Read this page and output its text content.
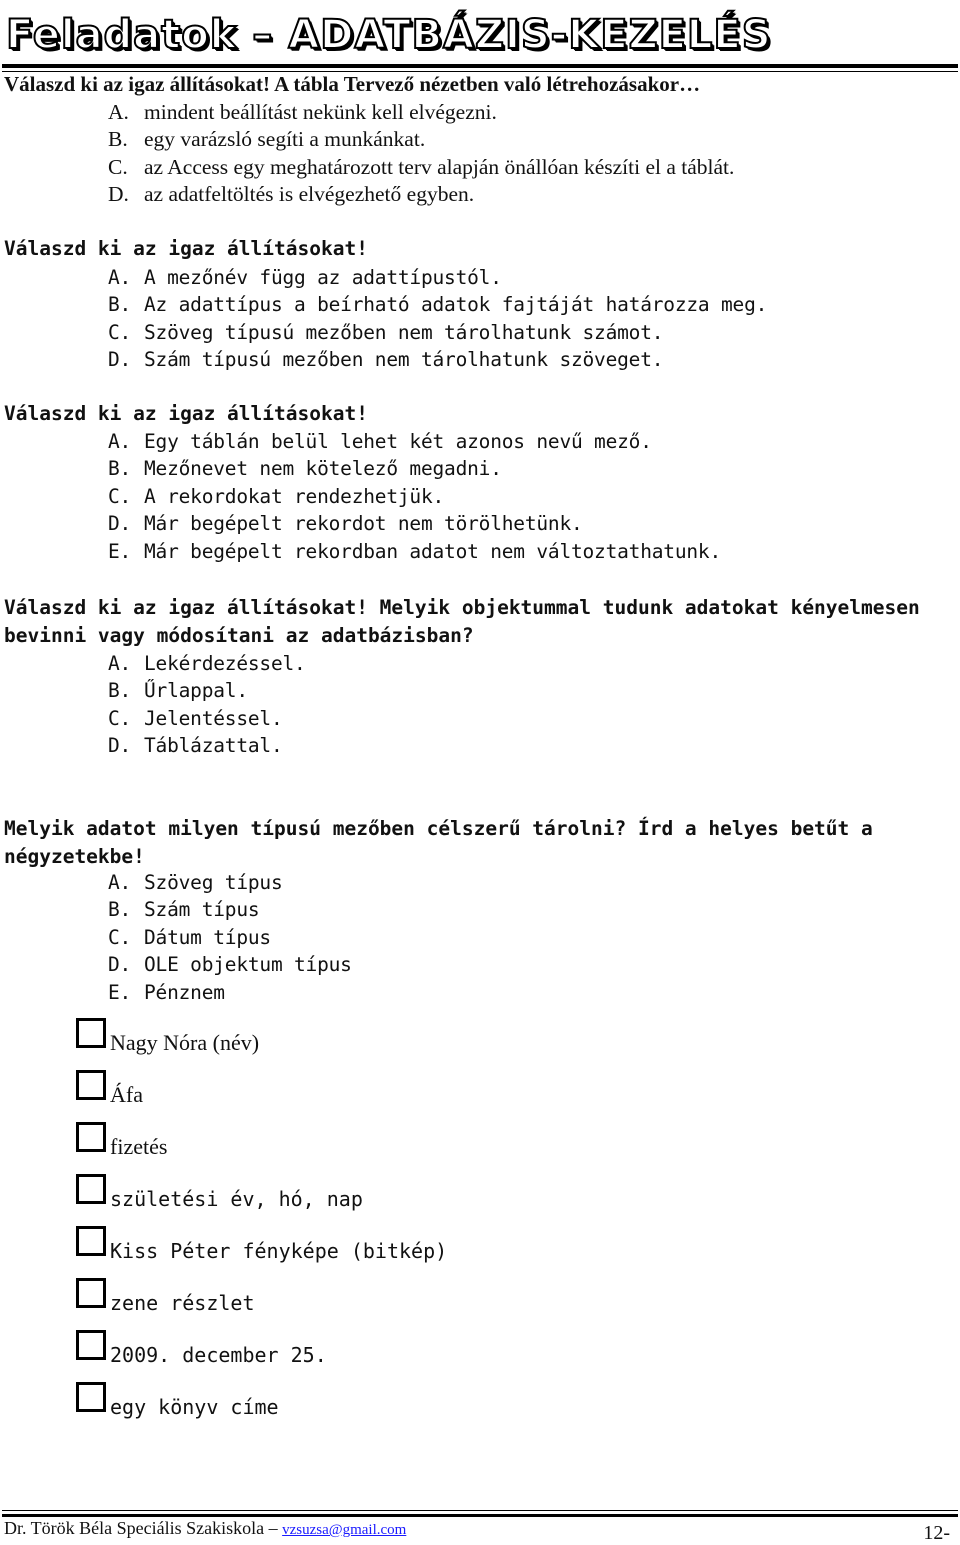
Feladatok – ADATBÁZIS-KEZELÉS
Válaszd ki az igaz állításokat! A tábla Tervező nézetben való létrehozásakor…
A. mindent beállítást nekünk kell elvégezni.
B. egy varázsló segíti a munkánkat.
C. az Access egy meghatározott terv alapján önállóan készíti el a táblát.
D. az adatfeltöltés is elvégezhető egyben.
Válaszd ki az igaz állításokat!
A. A mezőnév függ az adattípustól.
B. Az adattípus a beírható adatok fajtáját határozza meg.
C. Szöveg típusú mezőben nem tárolhatunk számot.
D. Szám típusú mezőben nem tárolhatunk szöveget.
Válaszd ki az igaz állításokat!
A. Egy táblán belül lehet két azonos nevű mező.
B. Mezőnevet nem kötelező megadni.
C. A rekordokat rendezhetjük.
D. Már begépelt rekordot nem törölhetünk.
E. Már begépelt rekordban adatot nem változtathatunk.
Válaszd ki az igaz állításokat! Melyik objektummal tudunk adatokat kényelmesen bevinni vagy módosítani az adatbázisban?
A. Lekérdezéssel.
B. Űrlappal.
C. Jelentéssel.
D. Táblázattal.
Melyik adatot milyen típusú mezőben célszerű tárolni? Írd a helyes betűt a négyzetekbe!
A. Szöveg típus
B. Szám típus
C. Dátum típus
D. OLE objektum típus
E. Pénznem
Nagy Nóra (név)
Áfa
fizetés
születési év, hó, nap
Kiss Péter fényképe (bitkép)
zene részlet
2009. december 25.
egy könyv címe
Dr. Török Béla Speciális Szakiskola – vzsuzsa@gmail.com	12-
